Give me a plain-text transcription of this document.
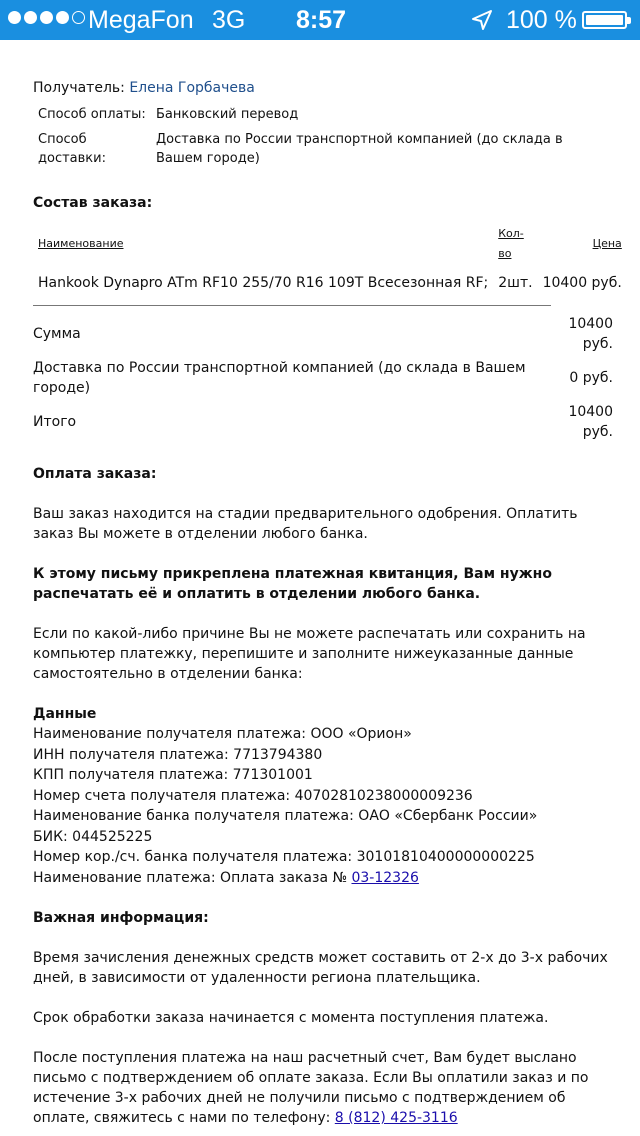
MegaFon 3G 8:57	100 %
Получатель: Елена Горбачева
Способ оплаты:	Банковский перевод
Способ доставки:	Доставка по России транспортной компанией (до склада в Вашем городе)
Состав заказа:
Наименование	Кол-во	Цена
Hankook Dynapro ATm RF10 255/70 R16 109T Всесезонная RF;	2шт.	10400 руб.
Сумма	10400 руб.
Доставка по России транспортной компанией (до склада в Вашем городе)	0 руб.
Итого	10400 руб.
Оплата заказа:

Ваш заказ находится на стадии предварительного одобрения. Оплатить заказ Вы можете в отделении любого банка.

К этому письму прикреплена платежная квитанция, Вам нужно распечатать её и оплатить в отделении любого банка.

Если по какой-либо причине Вы не можете распечатать или сохранить на компьютер платежку, перепишите и заполните нижеуказанные данные самостоятельно в отделении банка:

Данные
Наименование получателя платежа: ООО «Орион»
ИНН получателя платежа: 7713794380
КПП получателя платежа: 771301001
Номер счета получателя платежа: 40702810238000009236
Наименование банка получателя платежа: ОАО «Сбербанк России»
БИК: 044525225
Номер кор./сч. банка получателя платежа: 30101810400000000225
Наименование платежа: Оплата заказа № 03-12326
Важная информация:

Время зачисления денежных средств может составить от 2-х до 3-х рабочих дней, в зависимости от удаленности региона плательщика.

Срок обработки заказа начинается с момента поступления платежа.

После поступления платежа на наш расчетный счет, Вам будет выслано письмо с подтверждением об оплате заказа. Если Вы оплатили заказ и по истечение 3-х рабочих дней не получили письмо с подтверждением об оплате, свяжитесь с нами по телефону: 8 (812) 425-3116
